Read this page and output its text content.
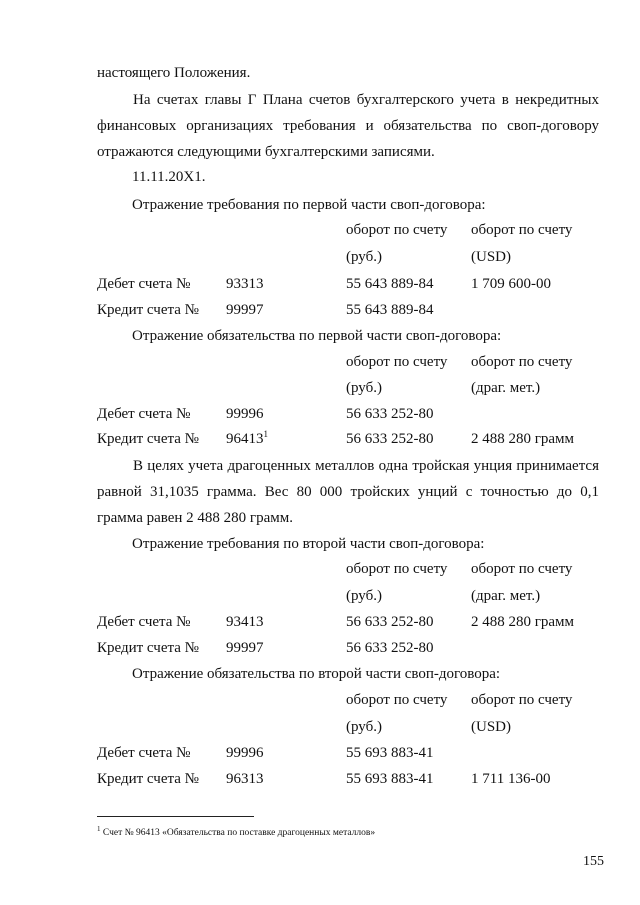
настоящего Положения.
На счетах главы Г Плана счетов бухгалтерского учета в некредитных
финансовых организациях требования и обязательства по своп-договору
отражаются следующими бухгалтерскими записями.
11.11.20Х1.
Отражение требования по первой части своп-договора:
оборот по счету оборот по счету
(руб.)	(USD)
Дебет счета № 93313	55 643 889-84	1 709 600-00
Кредит счета № 99997	55 643 889-84
Отражение обязательства по первой части своп-договора:
оборот по счету оборот по счету
(руб.)	(драг. мет.)
Дебет счета № 99996	56 633 252-80
Кредит счета № 96413$^1$	56 633 252-80	2 488 280 грамм
В целях учета драгоценных металлов одна тройская унция принимается
равной 31,1035 грамма. Вес 80 000 тройских унций с точностью до 0,1
грамма равен 2 488 280 грамм.
Отражение требования по второй части своп-договора:
оборот по счету оборот по счету
(руб.)	(драг. мет.)
Дебет счета № 93413	56 633 252-80	2 488 280 грамм
Кредит счета № 99997	56 633 252-80
Отражение обязательства по второй части своп-договора:
оборот по счету оборот по счету
(руб.)	(USD)
Дебет счета № 99996	55 693 883-41
Кредит счета № 96313	55 693 883-41	1 711 136-00
$^1$ Счет № 96413 «Обязательства по поставке драгоценных металлов»
155
